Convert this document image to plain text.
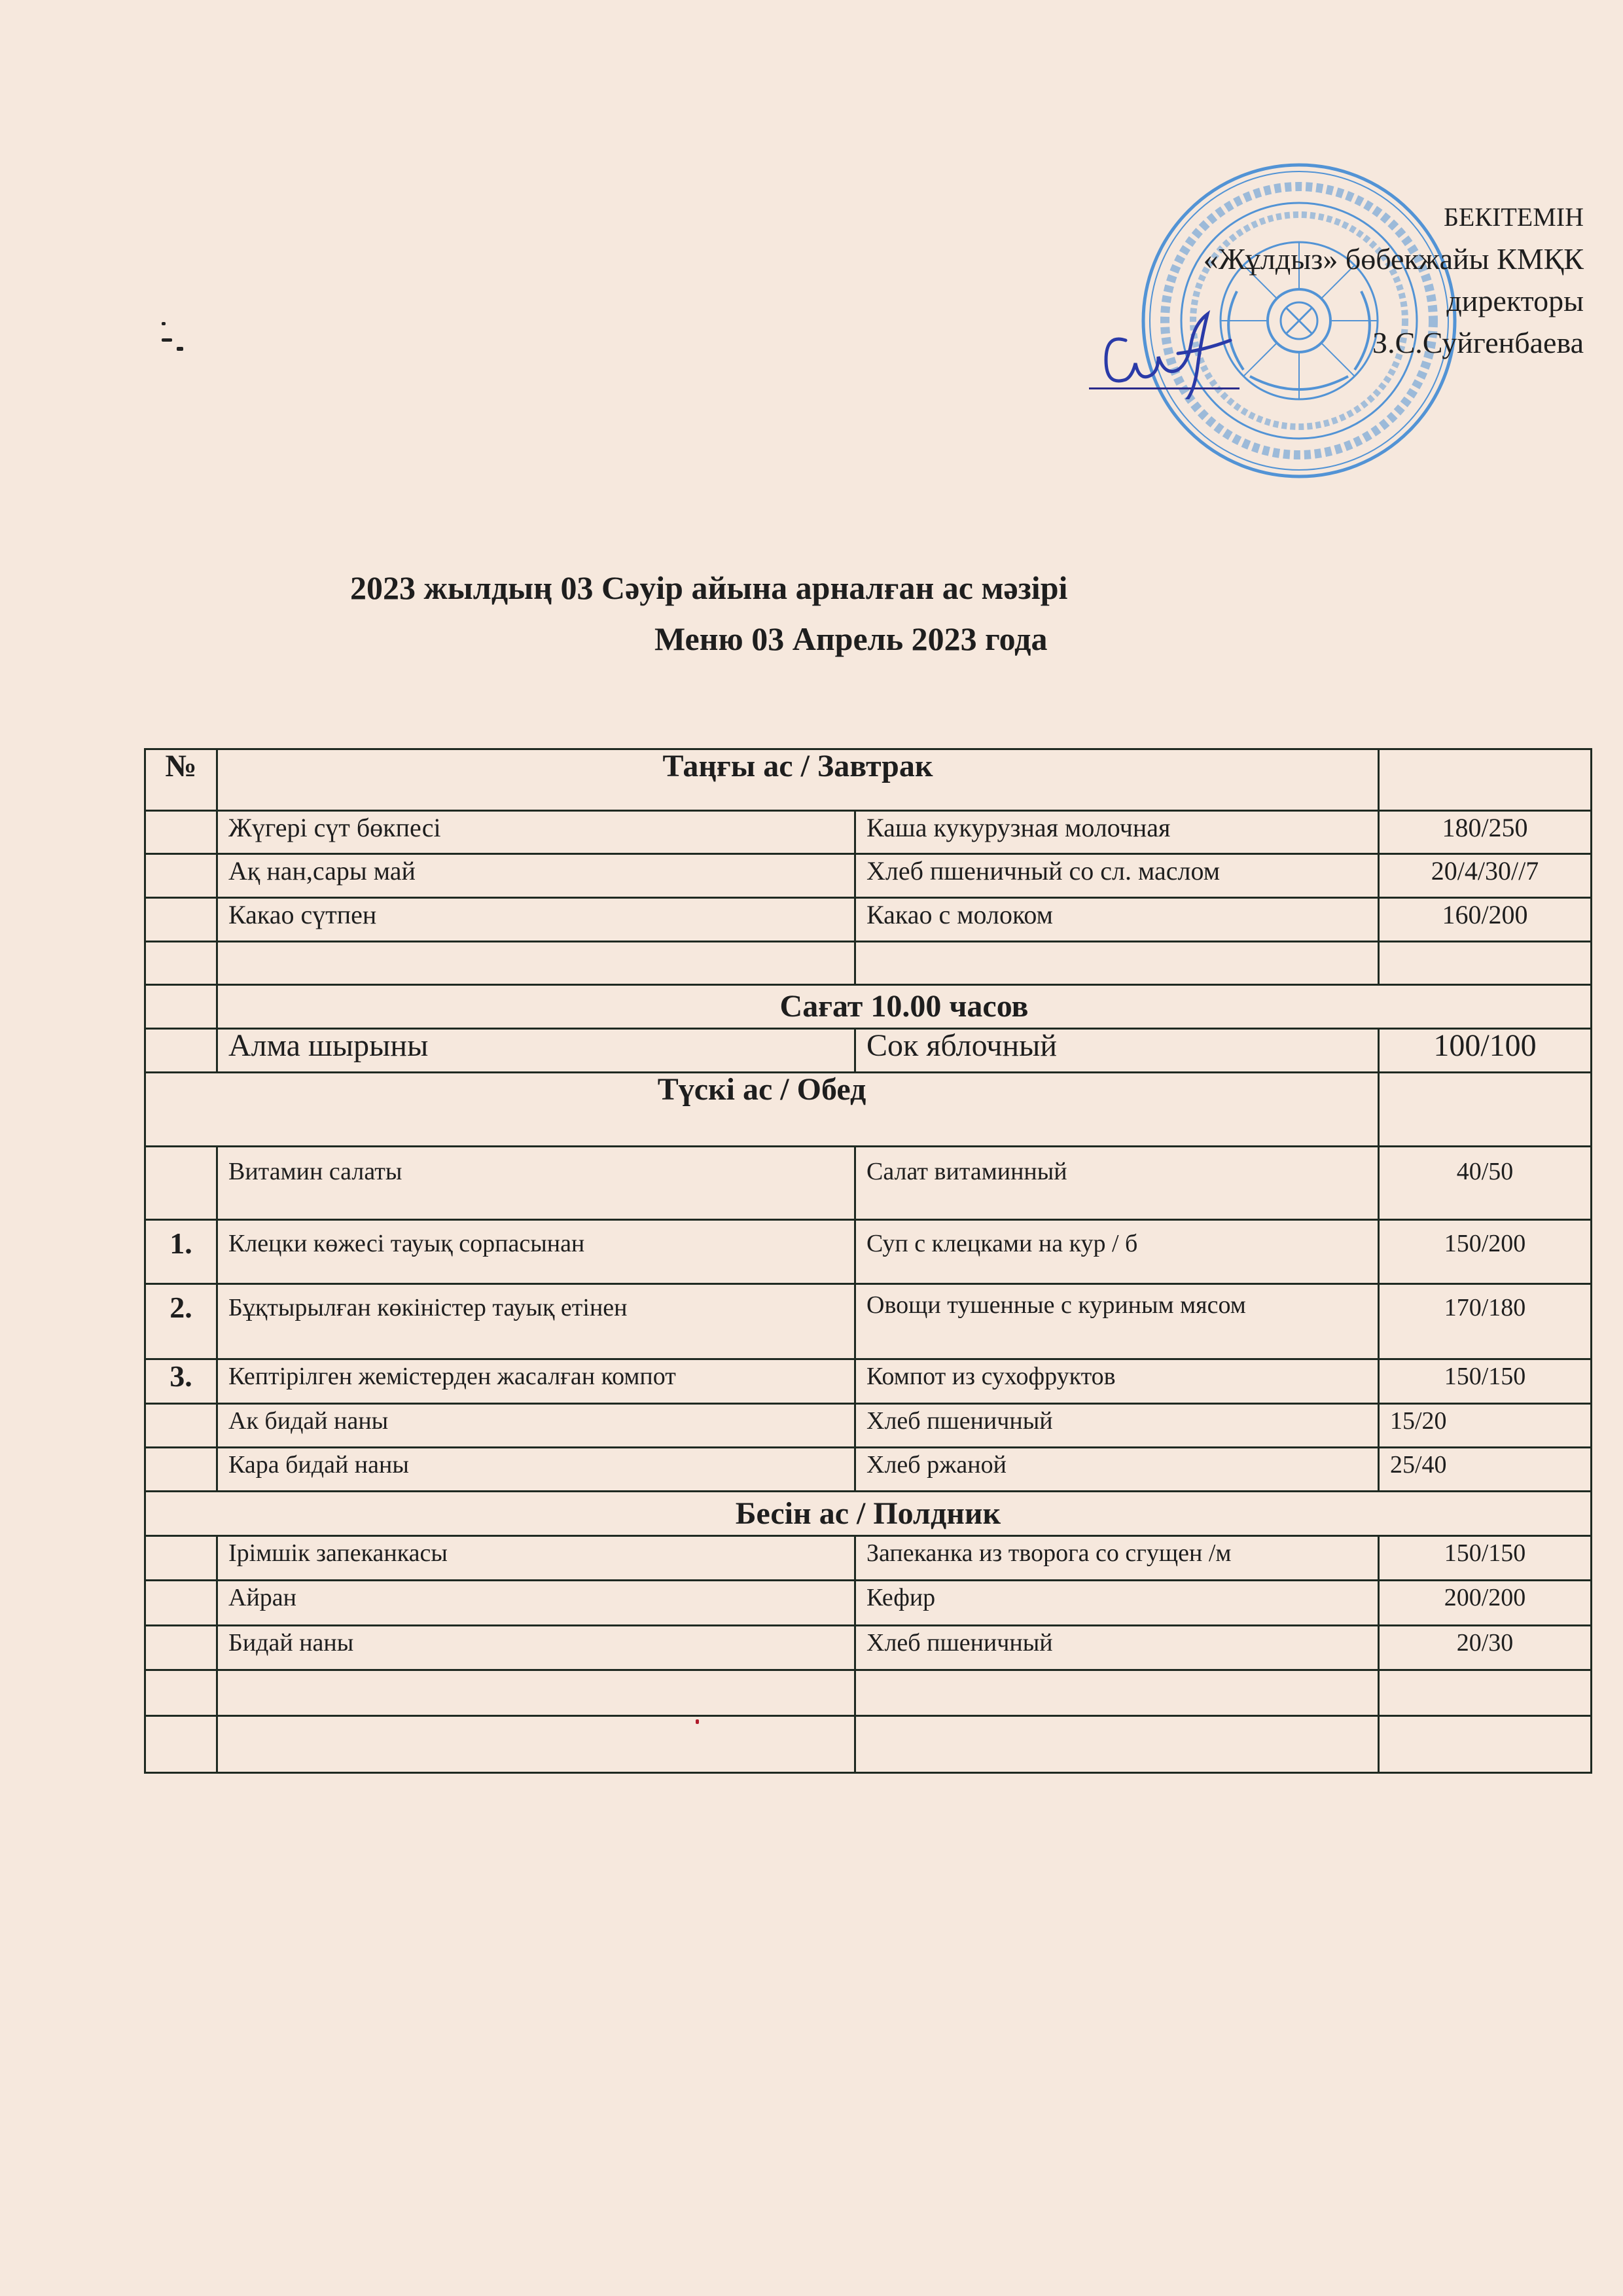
БЕКІТЕМІН
«Жұлдыз» бөбекжайы КМҚК
директоры
З.С.Суйгенбаева
2023 жылдың 03 Сәуір айына арналған ас мәзірі
Меню 03 Апрель 2023 года
№	Таңғы ас / Завтрак		
	Жүгері сүт бөкпесі	Каша кукурузная молочная	180/250
	Ақ нан,сары май	Хлеб пшеничный со сл. маслом	20/4/30//7
	Какао сүтпен	Какао с молоком	160/200

	Сағат 10.00 часов		
	Алма шырыны	Сок яблочный	100/100
Түскі ас / Обед			
	Витамин салаты	Салат витаминный	40/50
1.	Клецки көжесі тауық сорпасынан	Суп с клецками на кур / б	150/200
2.	Бұқтырылған көкіністер тауық етінен	Овощи тушенные с куриным мясом	170/180
3.	Кептірілген жемістерден жасалған компот	Компот из сухофруктов	150/150
	Ак бидай наны	Хлеб пшеничный	15/20
	Кара бидай наны	Хлеб ржаной	25/40
Бесін ас / Полдник			
	Ірімшік запеканкасы	Запеканка из творога со сгущен /м	150/150
	Айран	Кефир	200/200
	Бидай наны	Хлеб пшеничный	20/30
